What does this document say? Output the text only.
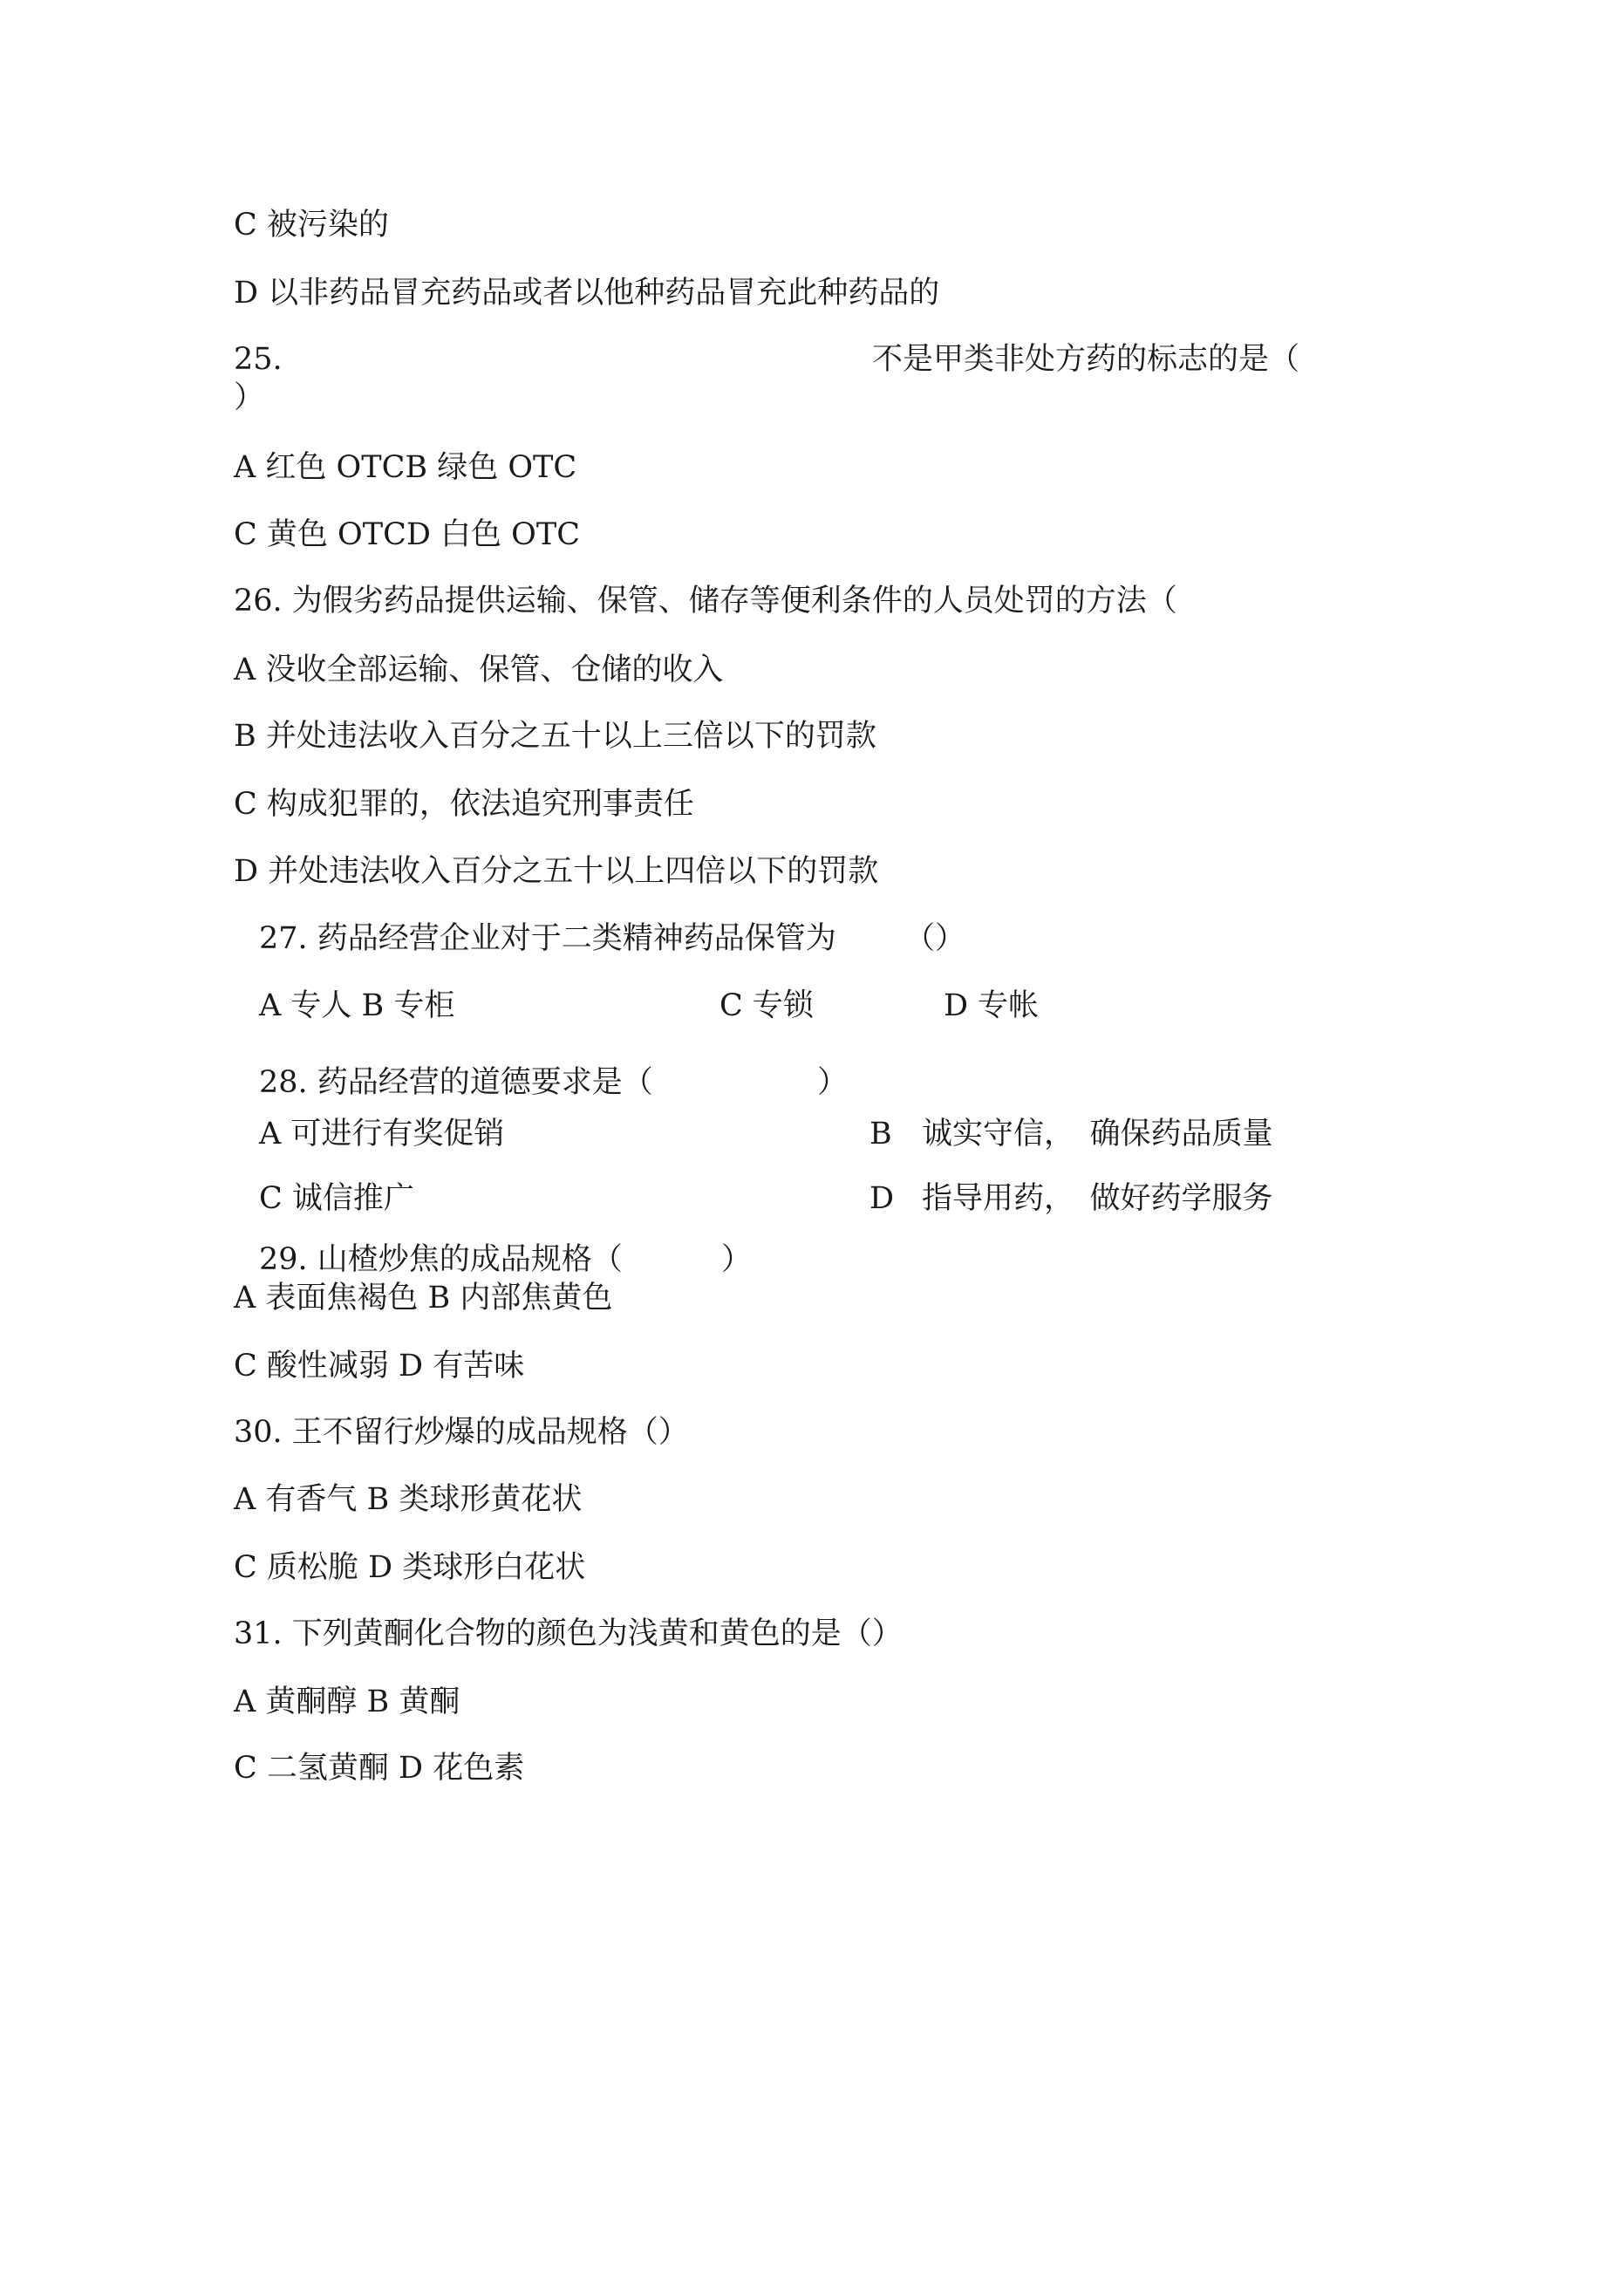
C 被污染的

D 以非药品冒充药品或者以他种药品冒充此种药品的

25.	不是甲类非处方药的标志的是（

）

A 红色 OTCB 绿色 OTC

C 黄色 OTCD 白色 OTC

26. 为假劣药品提供运输、保管、储存等便利条件的人员处罚的方法（

A 没收全部运输、保管、仓储的收入

B 并处违法收入百分之五十以上三倍以下的罚款

C 构成犯罪的，依法追究刑事责任

D 并处违法收入百分之五十以上四倍以下的罚款

27. 药品经营企业对于二类精神药品保管为 （）
A 专人 B 专柜	C 专锁	D 专帐
28. 药品经营的道德要求是（	）
A 可进行有奖促销	B 诚实守信，　确保药品质量
C 诚信推广	D 指导用药，　做好药学服务
29. 山楂炒焦的成品规格（	）

A 表面焦褐色 B 内部焦黄色

C 酸性减弱 D 有苦味

30. 王不留行炒爆的成品规格（）

A 有香气 B 类球形黄花状

C 质松脆 D 类球形白花状

31. 下列黄酮化合物的颜色为浅黄和黄色的是（）

A 黄酮醇 B 黄酮

C 二氢黄酮 D 花色素
